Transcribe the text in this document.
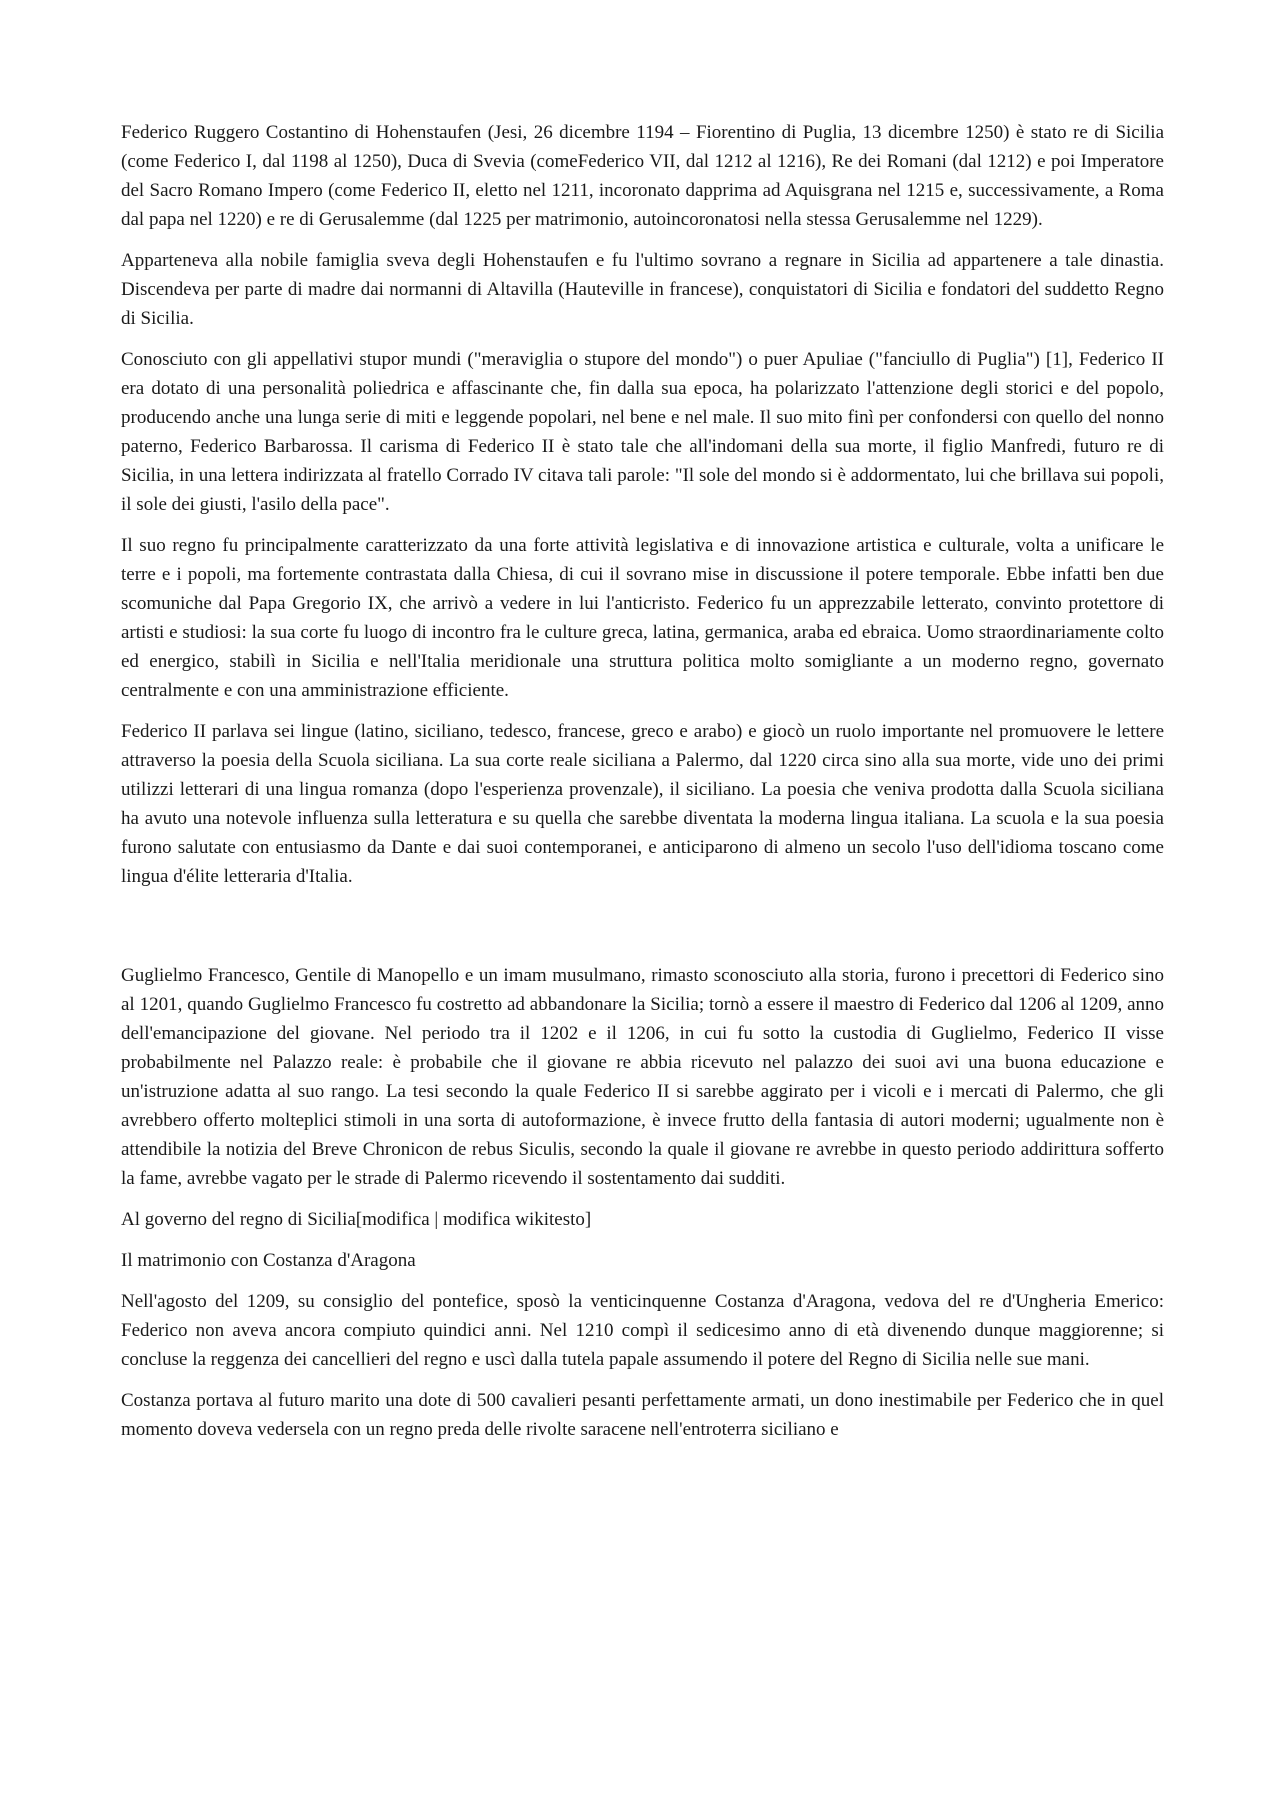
Federico Ruggero Costantino di Hohenstaufen (Jesi, 26 dicembre 1194 – Fiorentino di Puglia, 13 dicembre 1250) è stato re di Sicilia (come Federico I, dal 1198 al 1250), Duca di Svevia (comeFederico VII, dal 1212 al 1216), Re dei Romani (dal 1212) e poi Imperatore del Sacro Romano Impero (come Federico II, eletto nel 1211, incoronato dapprima ad Aquisgrana nel 1215 e, successivamente, a Roma dal papa nel 1220) e re di Gerusalemme (dal 1225 per matrimonio, autoincoronatosi nella stessa Gerusalemme nel 1229).

Apparteneva alla nobile famiglia sveva degli Hohenstaufen e fu l'ultimo sovrano a regnare in Sicilia ad appartenere a tale dinastia. Discendeva per parte di madre dai normanni di Altavilla (Hauteville in francese), conquistatori di Sicilia e fondatori del suddetto Regno di Sicilia.

Conosciuto con gli appellativi stupor mundi ("meraviglia o stupore del mondo") o puer Apuliae ("fanciullo di Puglia") [1], Federico II era dotato di una personalità poliedrica e affascinante che, fin dalla sua epoca, ha polarizzato l'attenzione degli storici e del popolo, producendo anche una lunga serie di miti e leggende popolari, nel bene e nel male. Il suo mito finì per confondersi con quello del nonno paterno, Federico Barbarossa. Il carisma di Federico II è stato tale che all'indomani della sua morte, il figlio Manfredi, futuro re di Sicilia, in una lettera indirizzata al fratello Corrado IV citava tali parole: "Il sole del mondo si è addormentato, lui che brillava sui popoli, il sole dei giusti, l'asilo della pace".

Il suo regno fu principalmente caratterizzato da una forte attività legislativa e di innovazione artistica e culturale, volta a unificare le terre e i popoli, ma fortemente contrastata dalla Chiesa, di cui il sovrano mise in discussione il potere temporale. Ebbe infatti ben due scomuniche dal Papa Gregorio IX, che arrivò a vedere in lui l'anticristo. Federico fu un apprezzabile letterato, convinto protettore di artisti e studiosi: la sua corte fu luogo di incontro fra le culture greca, latina, germanica, araba ed ebraica. Uomo straordinariamente colto ed energico, stabilì in Sicilia e nell'Italia meridionale una struttura politica molto somigliante a un moderno regno, governato centralmente e con una amministrazione efficiente.

Federico II parlava sei lingue (latino, siciliano, tedesco, francese, greco e arabo) e giocò un ruolo importante nel promuovere le lettere attraverso la poesia della Scuola siciliana. La sua corte reale siciliana a Palermo, dal 1220 circa sino alla sua morte, vide uno dei primi utilizzi letterari di una lingua romanza (dopo l'esperienza provenzale), il siciliano. La poesia che veniva prodotta dalla Scuola siciliana ha avuto una notevole influenza sulla letteratura e su quella che sarebbe diventata la moderna lingua italiana. La scuola e la sua poesia furono salutate con entusiasmo da Dante e dai suoi contemporanei, e anticiparono di almeno un secolo l'uso dell'idioma toscano come lingua d'élite letteraria d'Italia.

Guglielmo Francesco, Gentile di Manopello e un imam musulmano, rimasto sconosciuto alla storia, furono i precettori di Federico sino al 1201, quando Guglielmo Francesco fu costretto ad abbandonare la Sicilia; tornò a essere il maestro di Federico dal 1206 al 1209, anno dell'emancipazione del giovane. Nel periodo tra il 1202 e il 1206, in cui fu sotto la custodia di Guglielmo, Federico II visse probabilmente nel Palazzo reale: è probabile che il giovane re abbia ricevuto nel palazzo dei suoi avi una buona educazione e un'istruzione adatta al suo rango. La tesi secondo la quale Federico II si sarebbe aggirato per i vicoli e i mercati di Palermo, che gli avrebbero offerto molteplici stimoli in una sorta di autoformazione, è invece frutto della fantasia di autori moderni; ugualmente non è attendibile la notizia del Breve Chronicon de rebus Siculis, secondo la quale il giovane re avrebbe in questo periodo addirittura sofferto la fame, avrebbe vagato per le strade di Palermo ricevendo il sostentamento dai sudditi.

Al governo del regno di Sicilia[modifica | modifica wikitesto]

Il matrimonio con Costanza d'Aragona

Nell'agosto del 1209, su consiglio del pontefice, sposò la venticinquenne Costanza d'Aragona, vedova del re d'Ungheria Emerico: Federico non aveva ancora compiuto quindici anni. Nel 1210 compì il sedicesimo anno di età divenendo dunque maggiorenne; si concluse la reggenza dei cancellieri del regno e uscì dalla tutela papale assumendo il potere del Regno di Sicilia nelle sue mani.

Costanza portava al futuro marito una dote di 500 cavalieri pesanti perfettamente armati, un dono inestimabile per Federico che in quel momento doveva vedersela con un regno preda delle rivolte saracene nell'entroterra siciliano e
